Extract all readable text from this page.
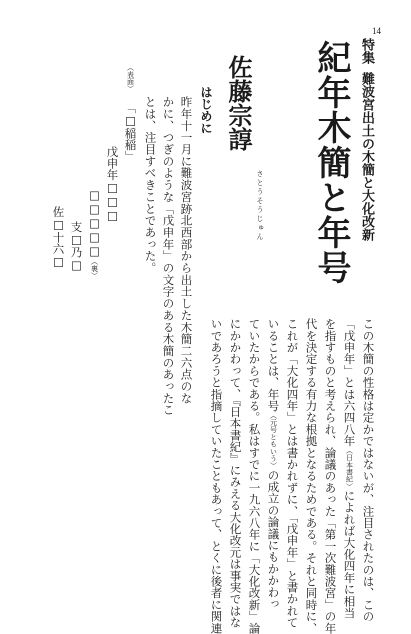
14
特集難波宮出土の木簡と大化改新
紀年木簡と年号
佐藤宗諄
さとうそうじゅん
はじめに
昨年十一月に難波宮跡北西部から出土した木簡二六点のな
かに、つぎのような「戊申年」の文字のある木簡のあったこ
とは、注目すべきことであった。
「□稲稲」（表面）
戊申年□□□
□□□□□（裏）
支□乃□
佐□十六□
この木簡の性格は定かではないが、注目されたのは、この
「戊申年」とは六四八年（日本書紀）によれば大化四年に相当
を指すものと考えられ、論議のあった「第一次難波宮」の年
代を決定する有力な根拠となるためである。それと同時に、
これが「大化四年」とは書かれずに、「戊申年」と書かれて
いることは、年号（元号ともいう）の成立の論議にもかかわっ
ていたからである。私はすでに一九六八年に「大化改新」論
にかかわって、『日本書紀』にみえる大化改元は事実ではな
いであろうと指摘していたこともあって、とくに後者に関連
